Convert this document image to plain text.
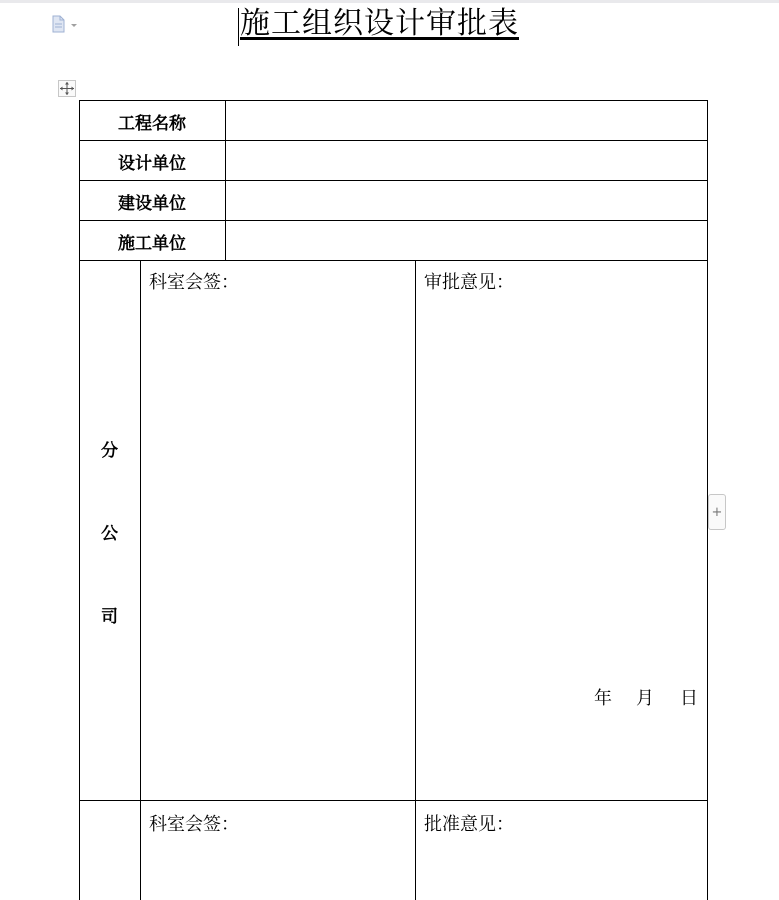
施工组织设计审批表
+
工程名称
设计单位
建设单位
施工单位
分
公
司
科室会签：	审批意见：
年 月 日
科室会签：	批准意见：
